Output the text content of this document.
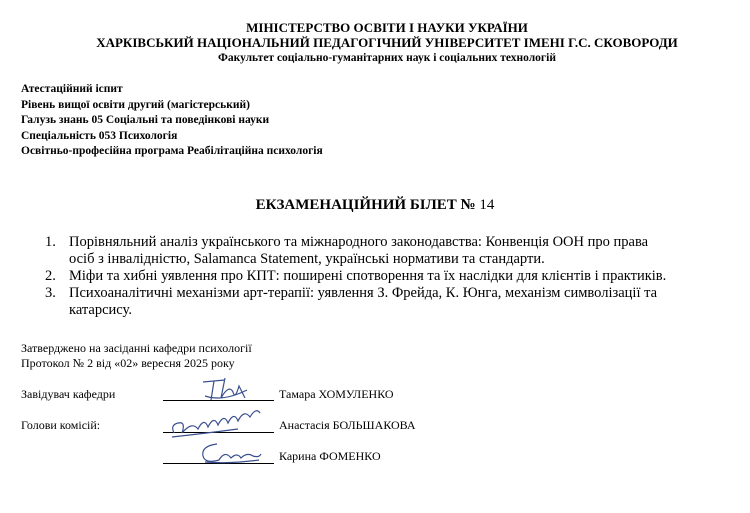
МІНІСТЕРСТВО ОСВІТИ І НАУКИ УКРАЇНИ
ХАРКІВСЬКИЙ НАЦІОНАЛЬНИЙ ПЕДАГОГІЧНИЙ УНІВЕРСИТЕТ ІМЕНІ Г.С. СКОВОРОДИ
Факультет соціально-гуманітарних наук і соціальних технологій
Атестаційний іспит
Рівень вищої освіти другий (магістерський)
Галузь знань 05 Соціальні та поведінкові науки
Спеціальність 053 Психологія
Освітньо-професійна програма Реабілітаційна психологія
ЕКЗАМЕНАЦІЙНИЙ БІЛЕТ № 14
1. Порівняльний аналіз українського та міжнародного законодавства: Конвенція ООН про права
осіб з інвалідністю, Salamanca Statement, українські нормативи та стандарти.
2. Міфи та хибні уявлення про КПТ: поширені спотворення та їх наслідки для клієнтів і практиків.
3. Психоаналітичні механізми арт-терапії: уявлення З. Фрейда, К. Юнга, механізм символізації та
катарсису.
Затверджено на засіданні кафедри психології
Протокол № 2 від «02» вересня 2025 року
Завідувач кафедри	Тамара ХОМУЛЕНКО
Голови комісій:	Анастасія БОЛЬШАКОВА
Карина ФОМЕНКО
